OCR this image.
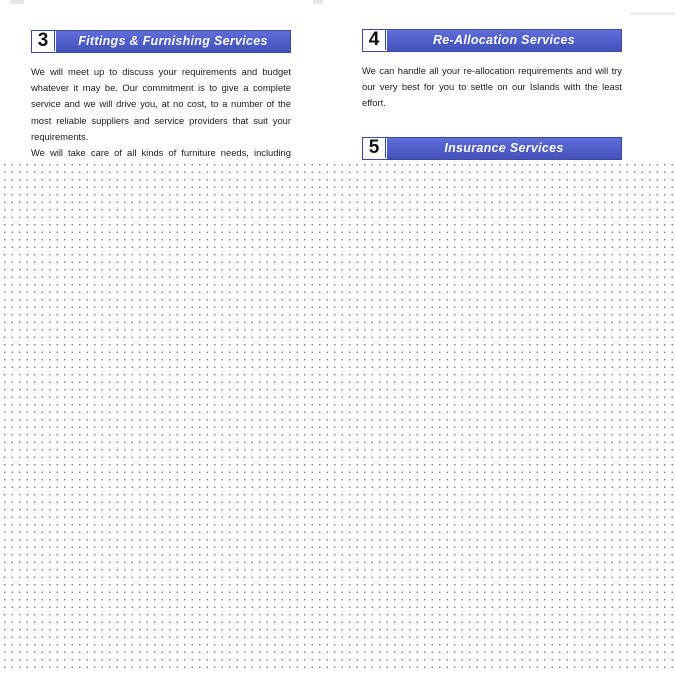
3	Fittings & Furnishing Services

We will meet up to discuss your requirements and budget whatever it may be. Our commitment is to give a complete service and we will drive you, at no cost, to a number of the most reliable suppliers and service providers that suit your requirements.

We will take care of all kinds of furniture needs, including

4	Re-Allocation Services

We can handle all your re-allocation requirements and will try our very best for you to settle on our Islands with the least effort.

5	Insurance Services
